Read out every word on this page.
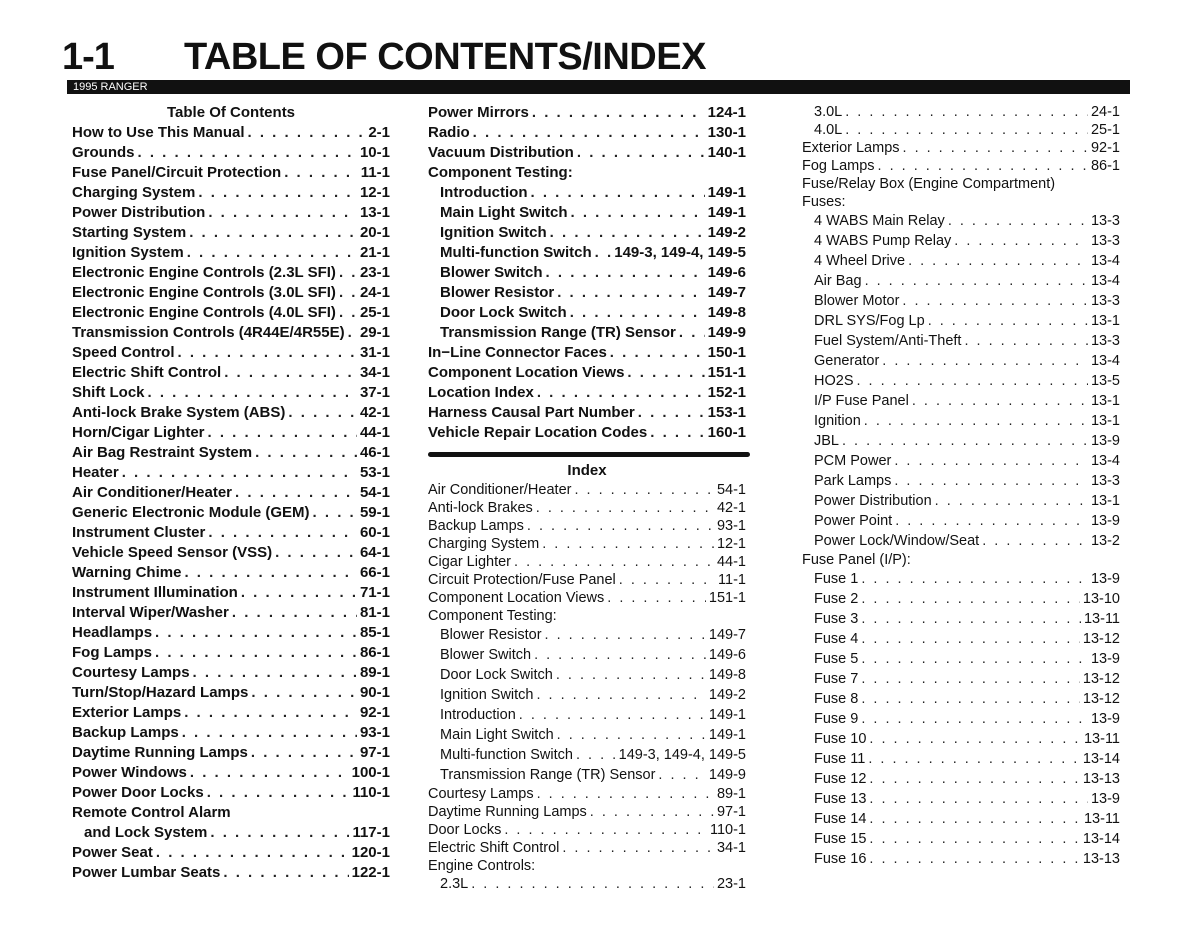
1-1 TABLE OF CONTENTS/INDEX
1995 RANGER
Table Of Contents
How to Use This Manual . . .	2-1
Grounds . . .	10-1
Fuse Panel/Circuit Protection . . .	11-1
Charging System . . .	12-1
Power Distribution . . .	13-1
Starting System . . .	20-1
Ignition System . . .	21-1
Electronic Engine Controls (2.3L SFI) . . . 23-1
Electronic Engine Controls (3.0L SFI) . . . 24-1
Electronic Engine Controls (4.0L SFI) . . . 25-1
Transmission Controls (4R44E/4R55E) . . . 29-1
Speed Control . . .	31-1
Electric Shift Control . . .	34-1
Shift Lock . . .	37-1
Anti-lock Brake System (ABS) . . .	42-1
Horn/Cigar Lighter . . .	44-1
Air Bag Restraint System . . .	46-1
Heater . . .	53-1
Air Conditioner/Heater . . .	54-1
Generic Electronic Module (GEM) . . .	59-1
Instrument Cluster . . .	60-1
Vehicle Speed Sensor (VSS) . . .	64-1
Warning Chime . . .	66-1
Instrument Illumination . . .	71-1
Interval Wiper/Washer . . .	81-1
Headlamps . . .	85-1
Fog Lamps . . .	86-1
Courtesy Lamps . . .	89-1
Turn/Stop/Hazard Lamps . . .	90-1
Exterior Lamps . . .	92-1
Backup Lamps . . .	93-1
Daytime Running Lamps . . .	97-1
Power Windows . . .	100-1
Power Door Locks . . .	110-1
Remote Control Alarm
and Lock System . . .	117-1
Power Seat . . .	120-1
Power Lumbar Seats . . .	122-1
Power Mirrors . . .	124-1
Radio . . .	130-1
Vacuum Distribution . . .	140-1
Component Testing:
Introduction . . .	149-1
Main Light Switch . . .	149-1
Ignition Switch . . .	149-2
Multi-function Switch . . . 149-3, 149-4, 149-5
Blower Switch . . .	149-6
Blower Resistor . . .	149-7
Door Lock Switch . . .	149-8
Transmission Range (TR) Sensor . . . 149-9
In−Line Connector Faces . . .	150-1
Component Location Views . . .	151-1
Location Index . . .	152-1
Harness Causal Part Number . . .	153-1
Vehicle Repair Location Codes . . .	160-1
Index
Air Conditioner/Heater . . .	54-1
Anti-lock Brakes . . .	42-1
Backup Lamps . . .	93-1
Charging System . . .	12-1
Cigar Lighter . . .	44-1
Circuit Protection/Fuse Panel . . .	11-1
Component Location Views . . .	151-1
Component Testing:
Blower Resistor . . .	149-7
Blower Switch . . .	149-6
Door Lock Switch . . .	149-8
Ignition Switch . . .	149-2
Introduction . . .	149-1
Main Light Switch . . .	149-1
Multi-function Switch . . .	149-3, 149-4, 149-5
Transmission Range (TR) Sensor . . .	149-9
Courtesy Lamps . . .	89-1
Daytime Running Lamps . . .	97-1
Door Locks . . .	110-1
Electric Shift Control . . .	34-1
Engine Controls:
2.3L . . .	23-1
3.0L . . .	24-1
4.0L . . .	25-1
Exterior Lamps . . .	92-1
Fog Lamps . . .	86-1
Fuse/Relay Box (Engine Compartment)
Fuses:
4 WABS Main Relay . . .	13-3
4 WABS Pump Relay . . .	13-3
4 Wheel Drive . . .	13-4
Air Bag . . .	13-4
Blower Motor . . .	13-3
DRL SYS/Fog Lp . . .	13-1
Fuel System/Anti-Theft . . .	13-3
Generator . . .	13-4
HO2S . . .	13-5
I/P Fuse Panel . . .	13-1
Ignition . . .	13-1
JBL . . .	13-9
PCM Power . . .	13-4
Park Lamps . . .	13-3
Power Distribution . . .	13-1
Power Point . . .	13-9
Power Lock/Window/Seat . . .	13-2
Fuse Panel (I/P):
Fuse 1 . . .	13-9
Fuse 2 . . .	13-10
Fuse 3 . . .	13-11
Fuse 4 . . .	13-12
Fuse 5 . . .	13-9
Fuse 7 . . .	13-12
Fuse 8 . . .	13-12
Fuse 9 . . .	13-9
Fuse 10 . . .	13-11
Fuse 11 . . .	13-14
Fuse 12 . . .	13-13
Fuse 13 . . .	13-9
Fuse 14 . . .	13-11
Fuse 15 . . .	13-14
Fuse 16 . . .	13-13
